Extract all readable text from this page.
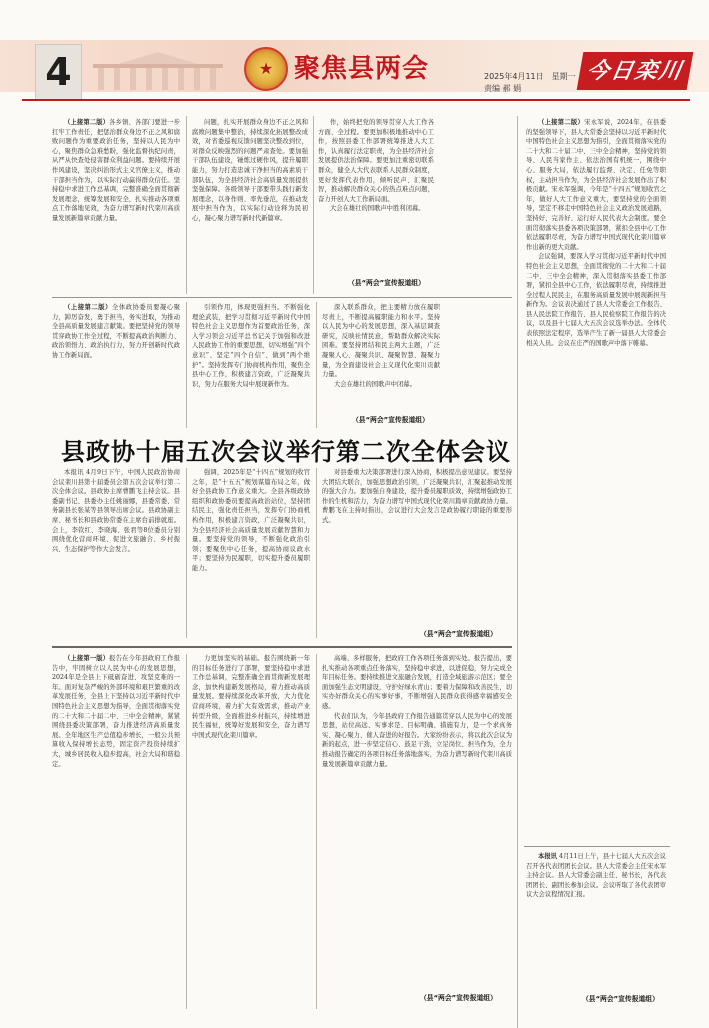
4	★ 聚焦县两会	2025年4月11日　星期一
责编 郝 娟
今日栾川

（上接第二版）各乡镇、各部门要进一步扛牢工作责任，把惩治群众身边不正之风和腐败问题作为重要政治任务，坚持以人民为中心，聚焦群众急难愁盼，强化监督执纪问责，从严从快查处侵害群众利益问题。要持续开展作风建设，坚决纠治形式主义官僚主义，推动干部担当作为，以实际行动赢得群众信任。坚持稳中求进工作总基调，完整准确全面贯彻新发展理念，统筹发展和安全，扎实推动各项重点工作落地见效，为奋力谱写新时代栾川高质量发展新篇章贡献力量。

问题，扎实开展群众身边不正之风和腐败问题集中整治，持续深化拓展整改成效，对省委巡视反馈问题坚决整改到位，对群众反映强烈的问题严肃查处。要加强干部队伍建设，锤炼过硬作风，提升履职能力，努力打造忠诚干净担当的高素质干部队伍，为全县经济社会高质量发展提供坚强保障。各级领导干部要带头践行新发展理念，以身作则、率先垂范，在推动发展中担当作为，以实际行动诠释为民初心，凝心聚力谱写新时代新篇章。

作，始终把党的领导贯穿人大工作各方面、全过程。要更加积极地推动中心工作，按照县委工作部署统筹推进人大工作，认真履行法定职责，为全县经济社会发展提供法治保障。要更加注重密切联系群众，健全人大代表联系人民群众制度，更好发挥代表作用，倾听民声、汇聚民智，推动解决群众关心的热点难点问题，奋力开创人大工作新局面。

大会在雄壮的国歌声中胜利闭幕。

（县“两会”宣传报道组）

（上接第二版）宋永军说，2024年，在县委的坚强领导下，县人大常委会坚持以习近平新时代中国特色社会主义思想为指引，全面贯彻落实党的二十大和二十届二中、三中全会精神，坚持党的领导、人民当家作主、依法治国有机统一，围绕中心、服务大局，依法履行监督、决定、任免等职权，主动担当作为，为全县经济社会发展作出了积极贡献。宋永军强调，今年是“十四五”规划收官之年，做好人大工作意义重大，要坚持党的全面领导，坚定不移走中国特色社会主义政治发展道路，坚持好、完善好、运行好人民代表大会制度。要全面贯彻落实县委各项决策部署，紧扣全县中心工作依法履职尽责，为奋力谱写中国式现代化栾川篇章作出新的更大贡献。

会议强调，要深入学习贯彻习近平新时代中国特色社会主义思想，全面贯彻党的二十大和二十届二中、三中全会精神，深入贯彻落实县委工作部署，紧扣全县中心工作，依法履职尽责，持续推进全过程人民民主，在服务高质量发展中展现新担当新作为。会议表决通过了县人大常委会工作报告、县人民法院工作报告、县人民检察院工作报告的决议，以及县十七届人大五次会议选举办法。全体代表依照法定程序，选举产生了新一届县人大常委会相关人员。会议在庄严的国歌声中落下帷幕。

（上接第二版）全体政协委员要凝心聚力，踔厉奋发，勇于担当，务实进取，为推动全县高质量发展建言献策。要把坚持党的领导贯穿政协工作全过程，不断提高政治判断力、政治领悟力、政治执行力，努力开创新时代政协工作新局面。

引领作用，体现更强担当。不断强化理论武装，把学习贯彻习近平新时代中国特色社会主义思想作为首要政治任务，深入学习领会习近平总书记关于加强和改进人民政协工作的重要思想，切实增强“四个意识”、坚定“四个自信”、做到“两个维护”。坚持发挥专门协商机构作用，聚焦全县中心工作，积极建言资政，广泛凝聚共识，努力在服务大局中展现新作为。

深入联系群众，把主要精力放在履职尽责上，不断提高履职能力和水平。坚持以人民为中心的发展思想，深入基层调查研究，反映社情民意，帮助群众解决实际困难。要坚持团结和民主两大主题，广泛凝聚人心、凝聚共识、凝聚智慧、凝聚力量，为全面建设社会主义现代化栾川贡献力量。

大会在雄壮的国歌声中闭幕。

（县“两会”宣传报道组）
县政协十届五次会议举行第二次全体会议

本报讯 4月9日下午，中国人民政治协商会议栾川县第十届委员会第五次会议举行第二次全体会议。县政协主席曹鹏飞主持会议。县委副书记、县委办主任姚丽娜，县委常委、常务副县长张某等县领导出席会议。县政协副主席、秘书长和县政协常委在主席台前排就座。会上，李钦红、李晓海、张君等8位委员分别围绕优化营商环境、促进文旅融合、乡村振兴、生态保护等作大会发言。

强调，2025年是“十四五”规划的收官之年，是“十五五”规划谋篇布局之年，做好全县政协工作意义重大。全县各级政协组织和政协委员要提高政治站位，坚持团结民主，强化责任担当，发挥专门协商机构作用，积极建言资政，广泛凝聚共识，为全县经济社会高质量发展贡献智慧和力量。要坚持党的领导，不断强化政治引领；要聚焦中心任务，提高协商议政水平；要坚持为民履职，切实提升委员履职能力。

对县委重大决策部署进行深入协商，积极提出意见建议。要坚持大团结大联合，加强思想政治引领，广泛凝聚共识，汇聚起推动发展的强大合力。要加强自身建设，提升委员履职质效，持续增强政协工作的生机和活力，为奋力谱写中国式现代化栾川篇章贡献政协力量。曹鹏飞在主持时指出，会议进行大会发言是政协履行职能的重要形式。

（县“两会”宣传报道组）

（上接第一版）报告在今年县政府工作报告中，牢固树立以人民为中心的发展思想，2024年是全县上下砥砺奋进、攻坚克难的一年。面对复杂严峻的外部环境和艰巨繁重的改革发展任务，全县上下坚持以习近平新时代中国特色社会主义思想为指导，全面贯彻落实党的二十大和二十届二中、三中全会精神，紧紧围绕县委决策部署，奋力推进经济高质量发展。全年地区生产总值稳步增长，一般公共预算收入保持增长态势，固定资产投资持续扩大，城乡居民收入稳步提高，社会大局和谐稳定。

力更加坚实的基础。报告围绕新一年的目标任务进行了部署，要坚持稳中求进工作总基调，完整准确全面贯彻新发展理念，加快构建新发展格局，着力推动高质量发展。要持续深化改革开放，大力优化营商环境，着力扩大有效需求，推动产业转型升级，全面推进乡村振兴，持续增进民生福祉，统筹好发展和安全，奋力谱写中国式现代化栾川篇章。

高端、多样服务，把政府工作各项任务落到实处。报告提出，要扎实推动各项重点任务落实，坚持稳中求进，以进促稳，努力完成全年目标任务。要持续推进文旅融合发展，打造全域旅游示范区；要全面加强生态文明建设，守护好绿水青山；要着力保障和改善民生，切实办好群众关心的实事好事，不断增强人民群众获得感幸福感安全感。

代表们认为，今年县政府工作报告通篇贯穿以人民为中心的发展思想，站位高远、实事求是、目标明确、措施有力，是一个求真务实、凝心聚力、催人奋进的好报告。大家纷纷表示，将以此次会议为新的起点，进一步坚定信心、鼓足干劲，立足岗位、担当作为，全力推动报告确定的各项目标任务落地落实，为奋力谱写新时代栾川高质量发展新篇章贡献力量。

（县“两会”宣传报道组）

本报讯 4月11日上午，县十七届人大五次会议召开各代表团团长会议。县人大常委会主任宋永军主持会议。县人大常委会副主任、秘书长，各代表团团长、副团长参加会议。会议听取了各代表团审议大会议程情况汇报。

（县“两会”宣传报道组）
